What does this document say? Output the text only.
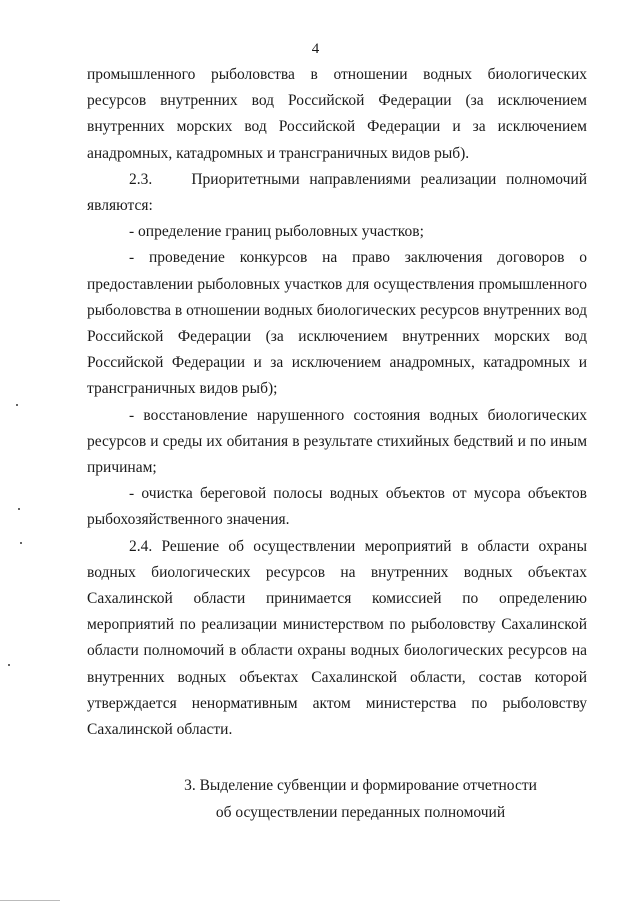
4

промышленного рыболовства в отношении водных биологических ресурсов внутренних вод Российской Федерации (за исключением внутренних морских вод Российской Федерации и за исключением анадромных, катадромных и трансграничных видов рыб).

2.3.    Приоритетными направлениями реализации полномочий являются:

- определение границ рыболовных участков;

- проведение конкурсов на право заключения договоров о предоставлении рыболовных участков для осуществления промышленного рыболовства в отношении водных биологических ресурсов внутренних вод Российской Федерации (за исключением внутренних морских вод Российской Федерации и за исключением анадромных, катадромных и трансграничных видов рыб);

- восстановление нарушенного состояния водных биологических ресурсов и среды их обитания в результате стихийных бедствий и по иным причинам;

- очистка береговой полосы водных объектов от мусора объектов рыбохозяйственного значения.

2.4. Решение об осуществлении мероприятий в области охраны водных биологических ресурсов на внутренних водных объектах Сахалинской области принимается комиссией по определению мероприятий по реализации министерством по рыболовству Сахалинской области полномочий в области охраны водных биологических ресурсов на внутренних водных объектах Сахалинской области, состав которой утверждается ненормативным актом министерства по рыболовству Сахалинской области.

3. Выделение субвенции и формирование отчетности
об осуществлении переданных полномочий
